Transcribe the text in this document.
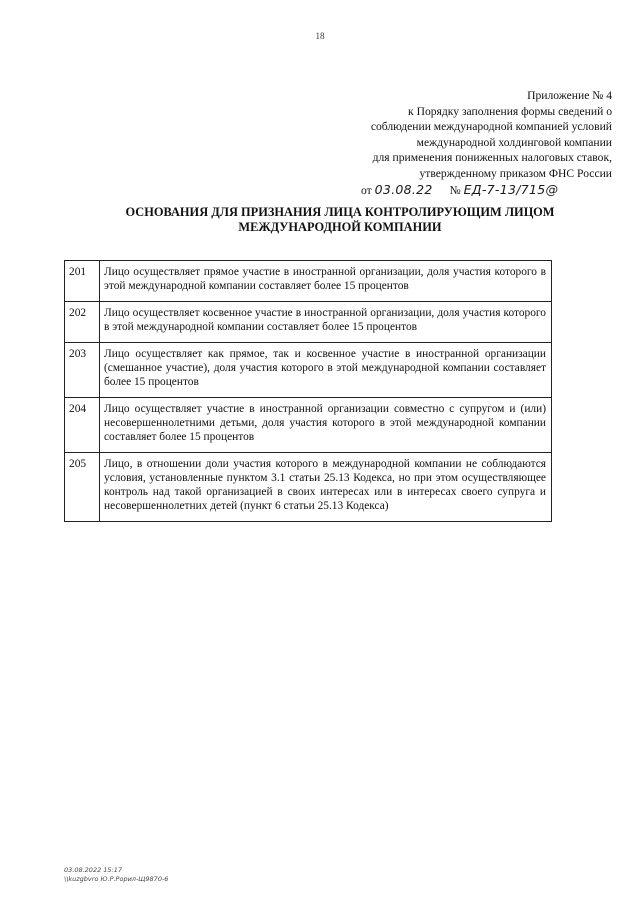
18
Приложение № 4
к Порядку заполнения формы сведений о
соблюдении международной компанией условий
международной холдинговой компании
для применения пониженных налоговых ставок,
утвержденному приказом ФНС России
от 03.08.22 № ЕД-7-13/715@
ОСНОВАНИЯ ДЛЯ ПРИЗНАНИЯ ЛИЦА КОНТРОЛИРУЮЩИМ ЛИЦОМ
МЕЖДУНАРОДНОЙ КОМПАНИИ
201	Лицо осуществляет прямое участие в иностранной организации, доля участия которого в этой международной компании составляет более 15 процентов
202	Лицо осуществляет косвенное участие в иностранной организации, доля участия которого в этой международной компании составляет более 15 процентов
203	Лицо осуществляет как прямое, так и косвенное участие в иностранной организации (смешанное участие), доля участия которого в этой международной компании составляет более 15 процентов
204	Лицо осуществляет участие в иностранной организации совместно с супругом и (или) несовершеннолетними детьми, доля участия которого в этой международной компании составляет более 15 процентов
205	Лицо, в отношении доли участия которого в международной компании не соблюдаются условия, установленные пунктом 3.1 статьи 25.13 Кодекса, но при этом осуществляющее контроль над такой организацией в своих интересах или в интересах своего супруга и несовершеннолетних детей (пункт 6 статьи 25.13 Кодекса)
03.08.2022 15:17
\\kuzgbvro Ю.Р.Рорил-Щ9870-6
